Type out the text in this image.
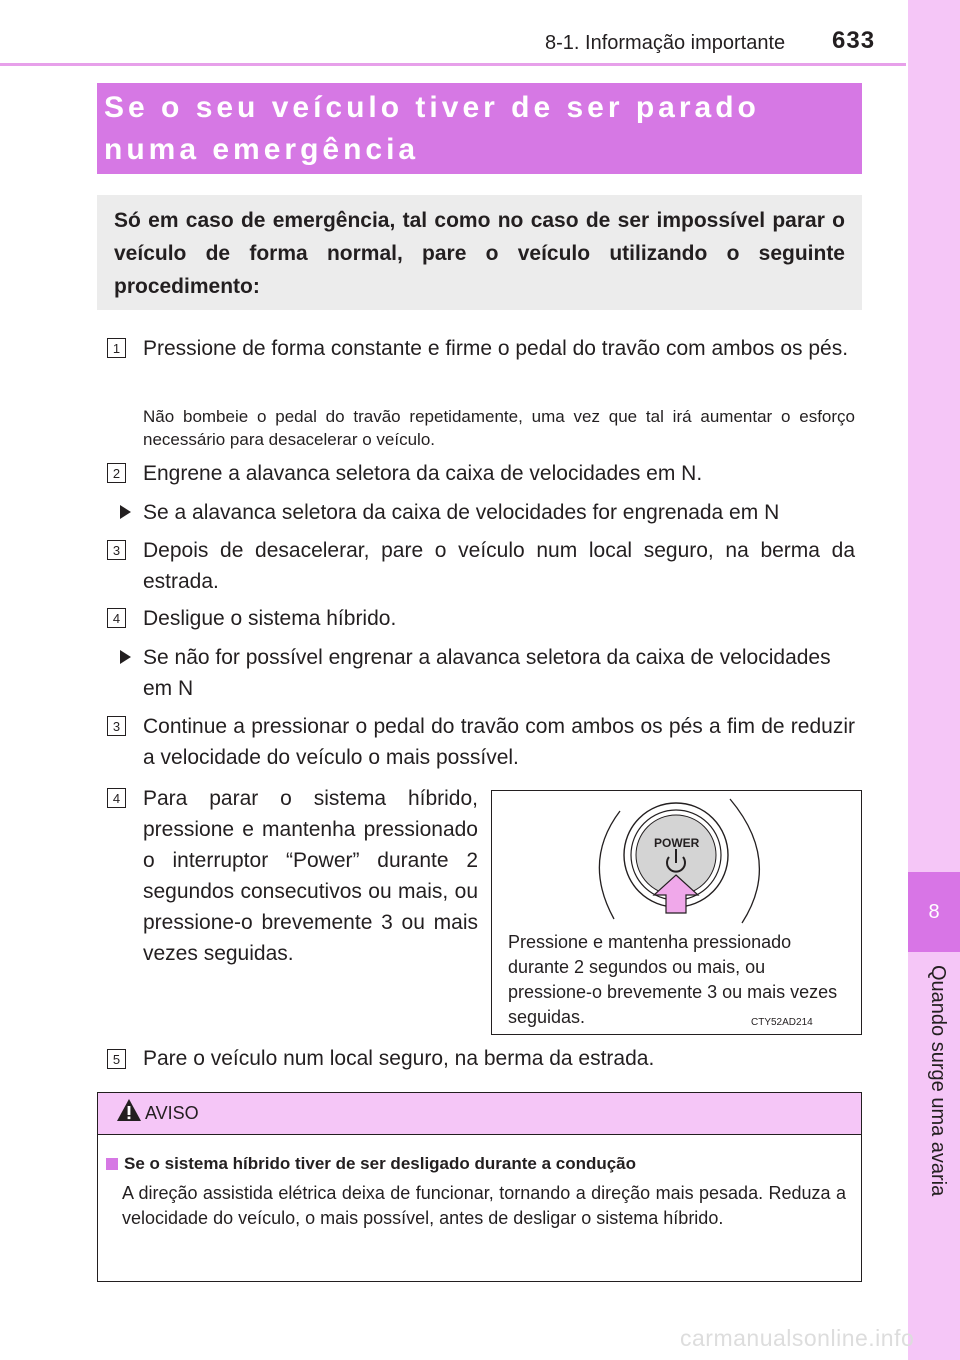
8-1. Informação importante 633
8
Quando surge uma avaria
Se o seu veículo tiver de ser parado numa emergência
Só em caso de emergência, tal como no caso de ser impossível parar o veículo de forma normal, pare o veículo utilizando o seguinte procedimento:
1 Pressione de forma constante e firme o pedal do travão com ambos os pés.
Não bombeie o pedal do travão repetidamente, uma vez que tal irá aumentar o esforço necessário para desacelerar o veículo.
2 Engrene a alavanca seletora da caixa de velocidades em N.
Se a alavanca seletora da caixa de velocidades for engrenada em N
3 Depois de desacelerar, pare o veículo num local seguro, na berma da estrada.
4 Desligue o sistema híbrido.
Se não for possível engrenar a alavanca seletora da caixa de velocidades em N
3 Continue a pressionar o pedal do travão com ambos os pés a fim de reduzir a velocidade do veículo o mais possível.
4 Para parar o sistema híbrido, pressione e mantenha pressionado o interruptor “Power” durante 2 segundos consecutivos ou mais, ou pressione-o brevemente 3 ou mais vezes seguidas.
POWER
Pressione e mantenha pressionado durante 2 segundos ou mais, ou pressione-o brevemente 3 ou mais vezes seguidas.	CTY52AD214
5 Pare o veículo num local seguro, na berma da estrada.
AVISO
Se o sistema híbrido tiver de ser desligado durante a condução
A direção assistida elétrica deixa de funcionar, tornando a direção mais pesada. Reduza a velocidade do veículo, o mais possível, antes de desligar o sistema híbrido.
carmanualsonline.info
